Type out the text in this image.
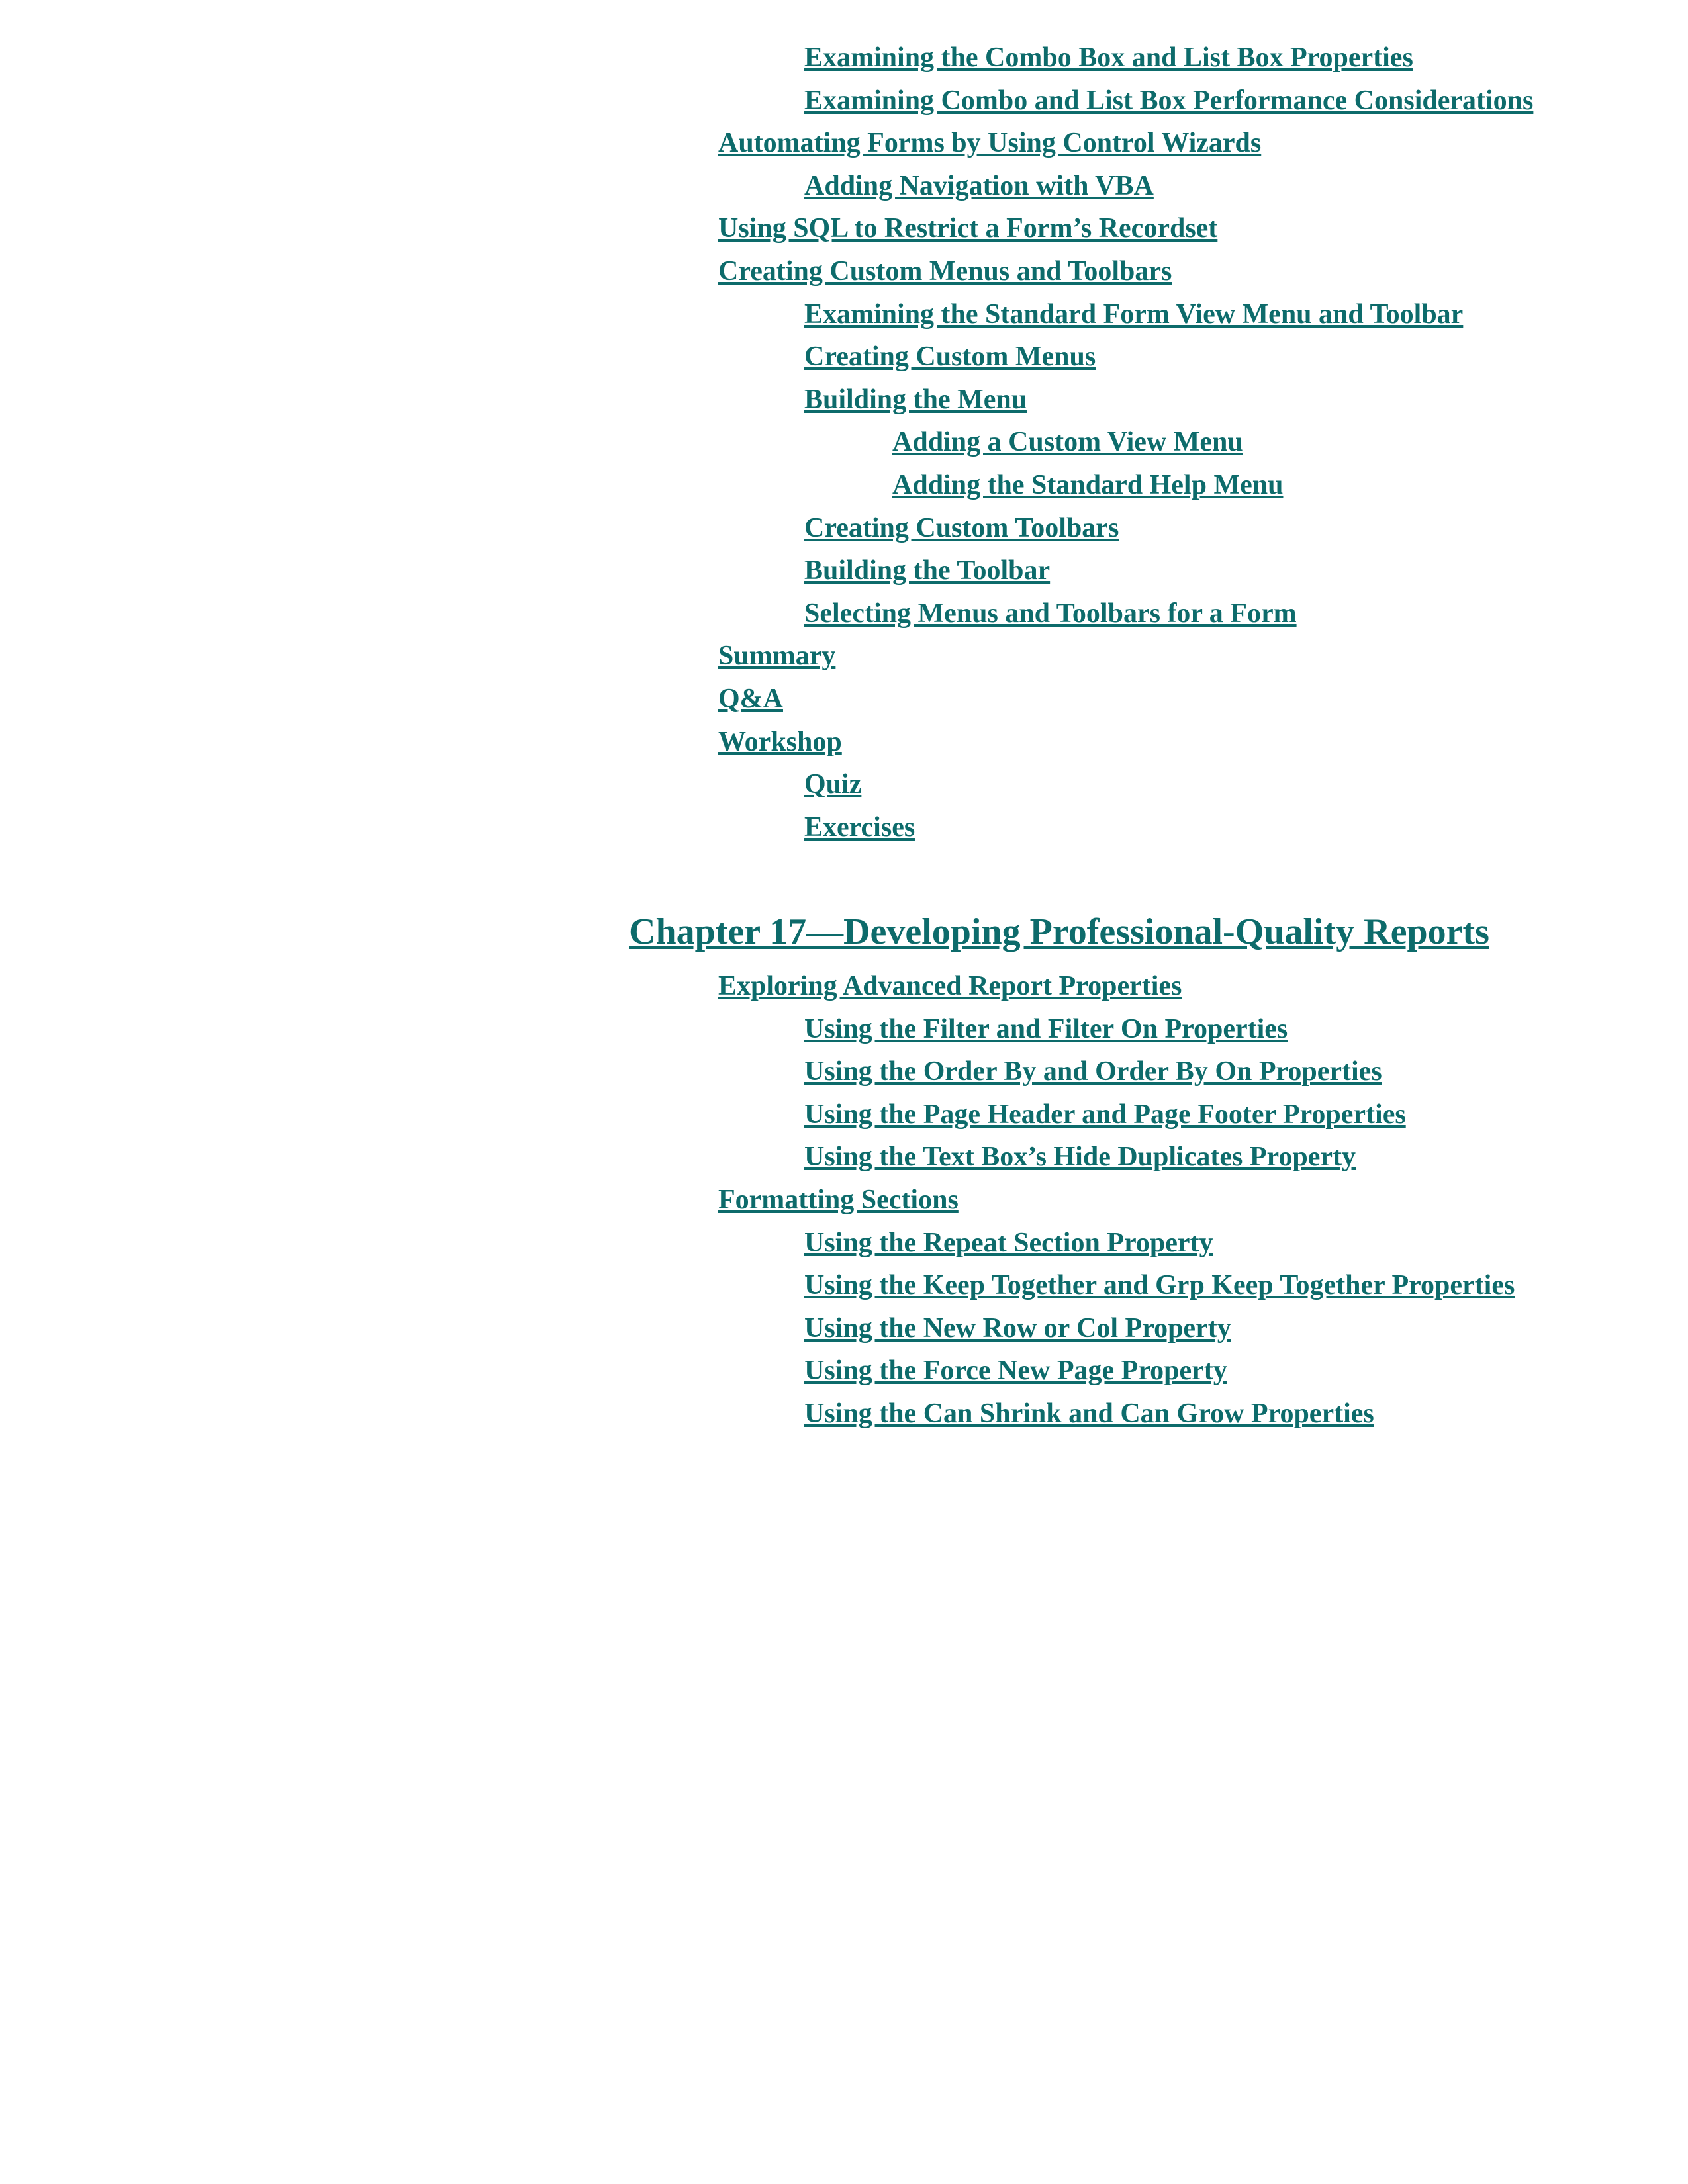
Examining the Combo Box and List Box Properties
Examining Combo and List Box Performance Considerations
Automating Forms by Using Control Wizards
Adding Navigation with VBA
Using SQL to Restrict a Form’s Recordset
Creating Custom Menus and Toolbars
Examining the Standard Form View Menu and Toolbar
Creating Custom Menus
Building the Menu
Adding a Custom View Menu
Adding the Standard Help Menu
Creating Custom Toolbars
Building the Toolbar
Selecting Menus and Toolbars for a Form
Summary
Q&A
Workshop
Quiz
Exercises
Chapter 17—Developing Professional-Quality Reports
Exploring Advanced Report Properties
Using the Filter and Filter On Properties
Using the Order By and Order By On Properties
Using the Page Header and Page Footer Properties
Using the Text Box’s Hide Duplicates Property
Formatting Sections
Using the Repeat Section Property
Using the Keep Together and Grp Keep Together Properties
Using the New Row or Col Property
Using the Force New Page Property
Using the Can Shrink and Can Grow Properties
